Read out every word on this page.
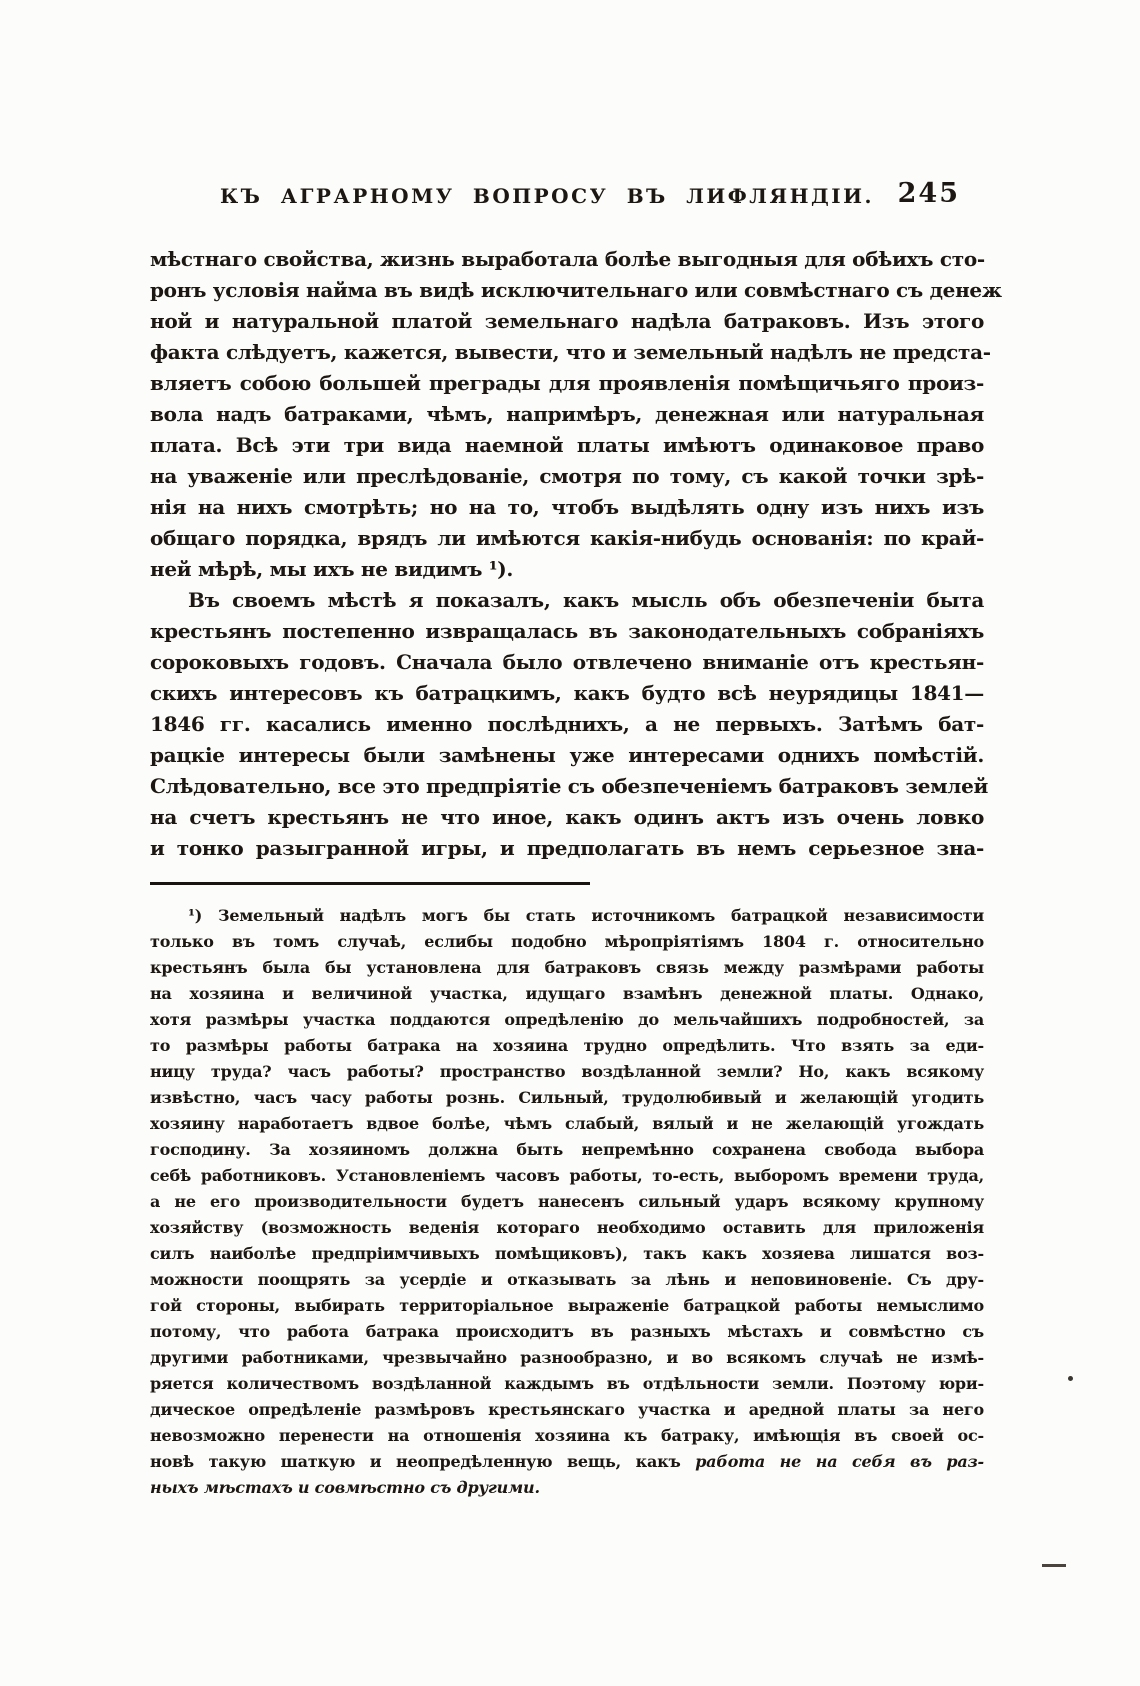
КЪ АГРАРНОМУ ВОПРОСУ ВЪ ЛИФЛЯНДІИ. 245
мѣстнаго свойства, жизнь выработала болѣе выгодныя для обѣихъ сто-
ронъ условія найма въ видѣ исключительнаго или совмѣстнаго съ денеж
ной и натуральной платой земельнаго надѣла батраковъ. Изъ этого
факта слѣдуетъ, кажется, вывести, что и земельный надѣлъ не предста-
вляетъ собою большей преграды для проявленія помѣщичьяго произ-
вола надъ батраками, чѣмъ, напримѣръ, денежная или натуральная
плата. Всѣ эти три вида наемной платы имѣютъ одинаковое право
на уваженіе или преслѣдованіе, смотря по тому, съ какой точки зрѣ-
нія на нихъ смотрѣть; но на то, чтобъ выдѣлять одну изъ нихъ изъ
общаго порядка, врядъ ли имѣются какія-нибудь основанія: по край-
ней мѣрѣ, мы ихъ не видимъ ¹).
Въ своемъ мѣстѣ я показалъ, какъ мысль объ обезпеченіи быта
крестьянъ постепенно извращалась въ законодательныхъ собраніяхъ
сороковыхъ годовъ. Сначала было отвлечено вниманіе отъ крестьян-
скихъ интересовъ къ батрацкимъ, какъ будто всѣ неурядицы 1841—
1846 гг. касались именно послѣднихъ, а не первыхъ. Затѣмъ бат-
рацкіе интересы были замѣнены уже интересами однихъ помѣстій.
Слѣдовательно, все это предпріятіе съ обезпеченіемъ батраковъ землей
на счетъ крестьянъ не что иное, какъ одинъ актъ изъ очень ловко
и тонко разыгранной игры, и предполагать въ немъ серьезное зна-
¹) Земельный надѣлъ могъ бы стать источникомъ батрацкой независимости
только въ томъ случаѣ, еслибы подобно мѣропріятіямъ 1804 г. относительно
крестьянъ была бы установлена для батраковъ связь между размѣрами работы
на хозяина и величиной участка, идущаго взамѣнъ денежной платы. Однако,
хотя размѣры участка поддаются опредѣленію до мельчайшихъ подробностей, за
то размѣры работы батрака на хозяина трудно опредѣлить. Что взять за еди-
ницу труда? часъ работы? пространство воздѣланной земли? Но, какъ всякому
извѣстно, часъ часу работы рознь. Сильный, трудолюбивый и желающій угодить
хозяину наработаетъ вдвое болѣе, чѣмъ слабый, вялый и не желающій угождать
господину. За хозяиномъ должна быть непремѣнно сохранена свобода выбора
себѣ работниковъ. Установленіемъ часовъ работы, то-есть, выборомъ времени труда,
а не его производительности будетъ нанесенъ сильный ударъ всякому крупному
хозяйству (возможность веденія котораго необходимо оставить для приложенія
силъ наиболѣе предпріимчивыхъ помѣщиковъ), такъ какъ хозяева лишатся воз-
можности поощрять за усердіе и отказывать за лѣнь и неповиновеніе. Съ дру-
гой стороны, выбирать территоріальное выраженіе батрацкой работы немыслимо
потому, что работа батрака происходитъ въ разныхъ мѣстахъ и совмѣстно съ
другими работниками, чрезвычайно разнообразно, и во всякомъ случаѣ не измѣ-
ряется количествомъ воздѣланной каждымъ въ отдѣльности земли. Поэтому юри-
дическое опредѣленіе размѣровъ крестьянскаго участка и аредной платы за него
невозможно перенести на отношенія хозяина къ батраку, имѣющія въ своей ос-
новѣ такую шаткую и неопредѣленную вещь, какъ работа не на себя въ раз-
ныхъ мѣстахъ и совмѣстно съ другими.
